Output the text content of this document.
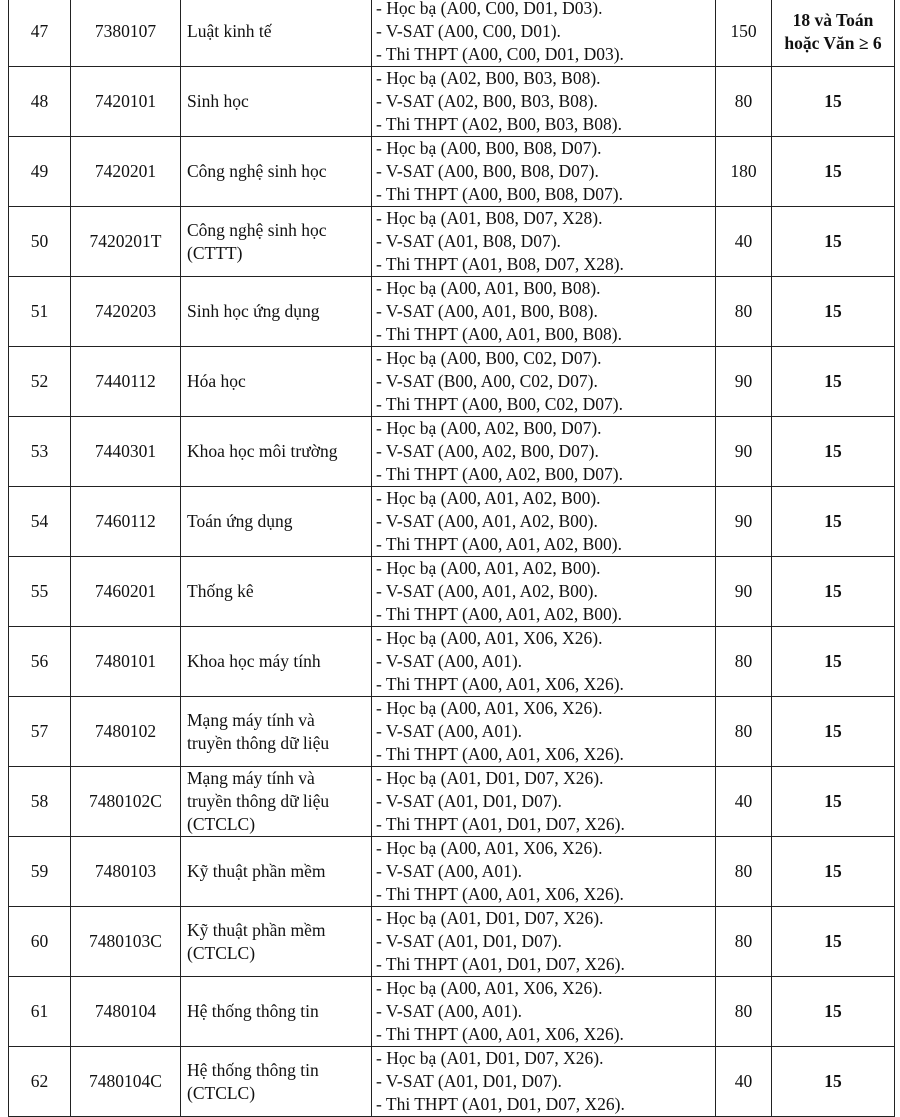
47	7380107	Luật kinh tế	- Học bạ (A00, C00, D01, D03).
- V-SAT (A00, C00, D01).
- Thi THPT (A00, C00, D01, D03).	150	18 và Toán
hoặc Văn ≥ 6

48	7420101	Sinh học	- Học bạ (A02, B00, B03, B08).
- V-SAT (A02, B00, B03, B08).
- Thi THPT (A02, B00, B03, B08).	80	15

49	7420201	Công nghệ sinh học	- Học bạ (A00, B00, B08, D07).
- V-SAT (A00, B00, B08, D07).
- Thi THPT (A00, B00, B08, D07).	180	15

50	7420201T	Công nghệ sinh học
(CTTT)	- Học bạ (A01, B08, D07, X28).
- V-SAT (A01, B08, D07).
- Thi THPT (A01, B08, D07, X28).	40	15

51	7420203	Sinh học ứng dụng	- Học bạ (A00, A01, B00, B08).
- V-SAT (A00, A01, B00, B08).
- Thi THPT (A00, A01, B00, B08).	80	15

52	7440112	Hóa học	- Học bạ (A00, B00, C02, D07).
- V-SAT (B00, A00, C02, D07).
- Thi THPT (A00, B00, C02, D07).	90	15

53	7440301	Khoa học môi trường	- Học bạ (A00, A02, B00, D07).
- V-SAT (A00, A02, B00, D07).
- Thi THPT (A00, A02, B00, D07).	90	15

54	7460112	Toán ứng dụng	- Học bạ (A00, A01, A02, B00).
- V-SAT (A00, A01, A02, B00).
- Thi THPT (A00, A01, A02, B00).	90	15

55	7460201	Thống kê	- Học bạ (A00, A01, A02, B00).
- V-SAT (A00, A01, A02, B00).
- Thi THPT (A00, A01, A02, B00).	90	15

56	7480101	Khoa học máy tính	- Học bạ (A00, A01, X06, X26).
- V-SAT (A00, A01).
- Thi THPT (A00, A01, X06, X26).	80	15

57	7480102	Mạng máy tính và
truyền thông dữ liệu	- Học bạ (A00, A01, X06, X26).
- V-SAT (A00, A01).
- Thi THPT (A00, A01, X06, X26).	80	15

58	7480102C	Mạng máy tính và
truyền thông dữ liệu
(CTCLC)	- Học bạ (A01, D01, D07, X26).
- V-SAT (A01, D01, D07).
- Thi THPT (A01, D01, D07, X26).	40	15

59	7480103	Kỹ thuật phần mềm	- Học bạ (A00, A01, X06, X26).
- V-SAT (A00, A01).
- Thi THPT (A00, A01, X06, X26).	80	15

60	7480103C	Kỹ thuật phần mềm
(CTCLC)	- Học bạ (A01, D01, D07, X26).
- V-SAT (A01, D01, D07).
- Thi THPT (A01, D01, D07, X26).	80	15

61	7480104	Hệ thống thông tin	- Học bạ (A00, A01, X06, X26).
- V-SAT (A00, A01).
- Thi THPT (A00, A01, X06, X26).	80	15

62	7480104C	Hệ thống thông tin
(CTCLC)	- Học bạ (A01, D01, D07, X26).
- V-SAT (A01, D01, D07).
- Thi THPT (A01, D01, D07, X26).	40	15
